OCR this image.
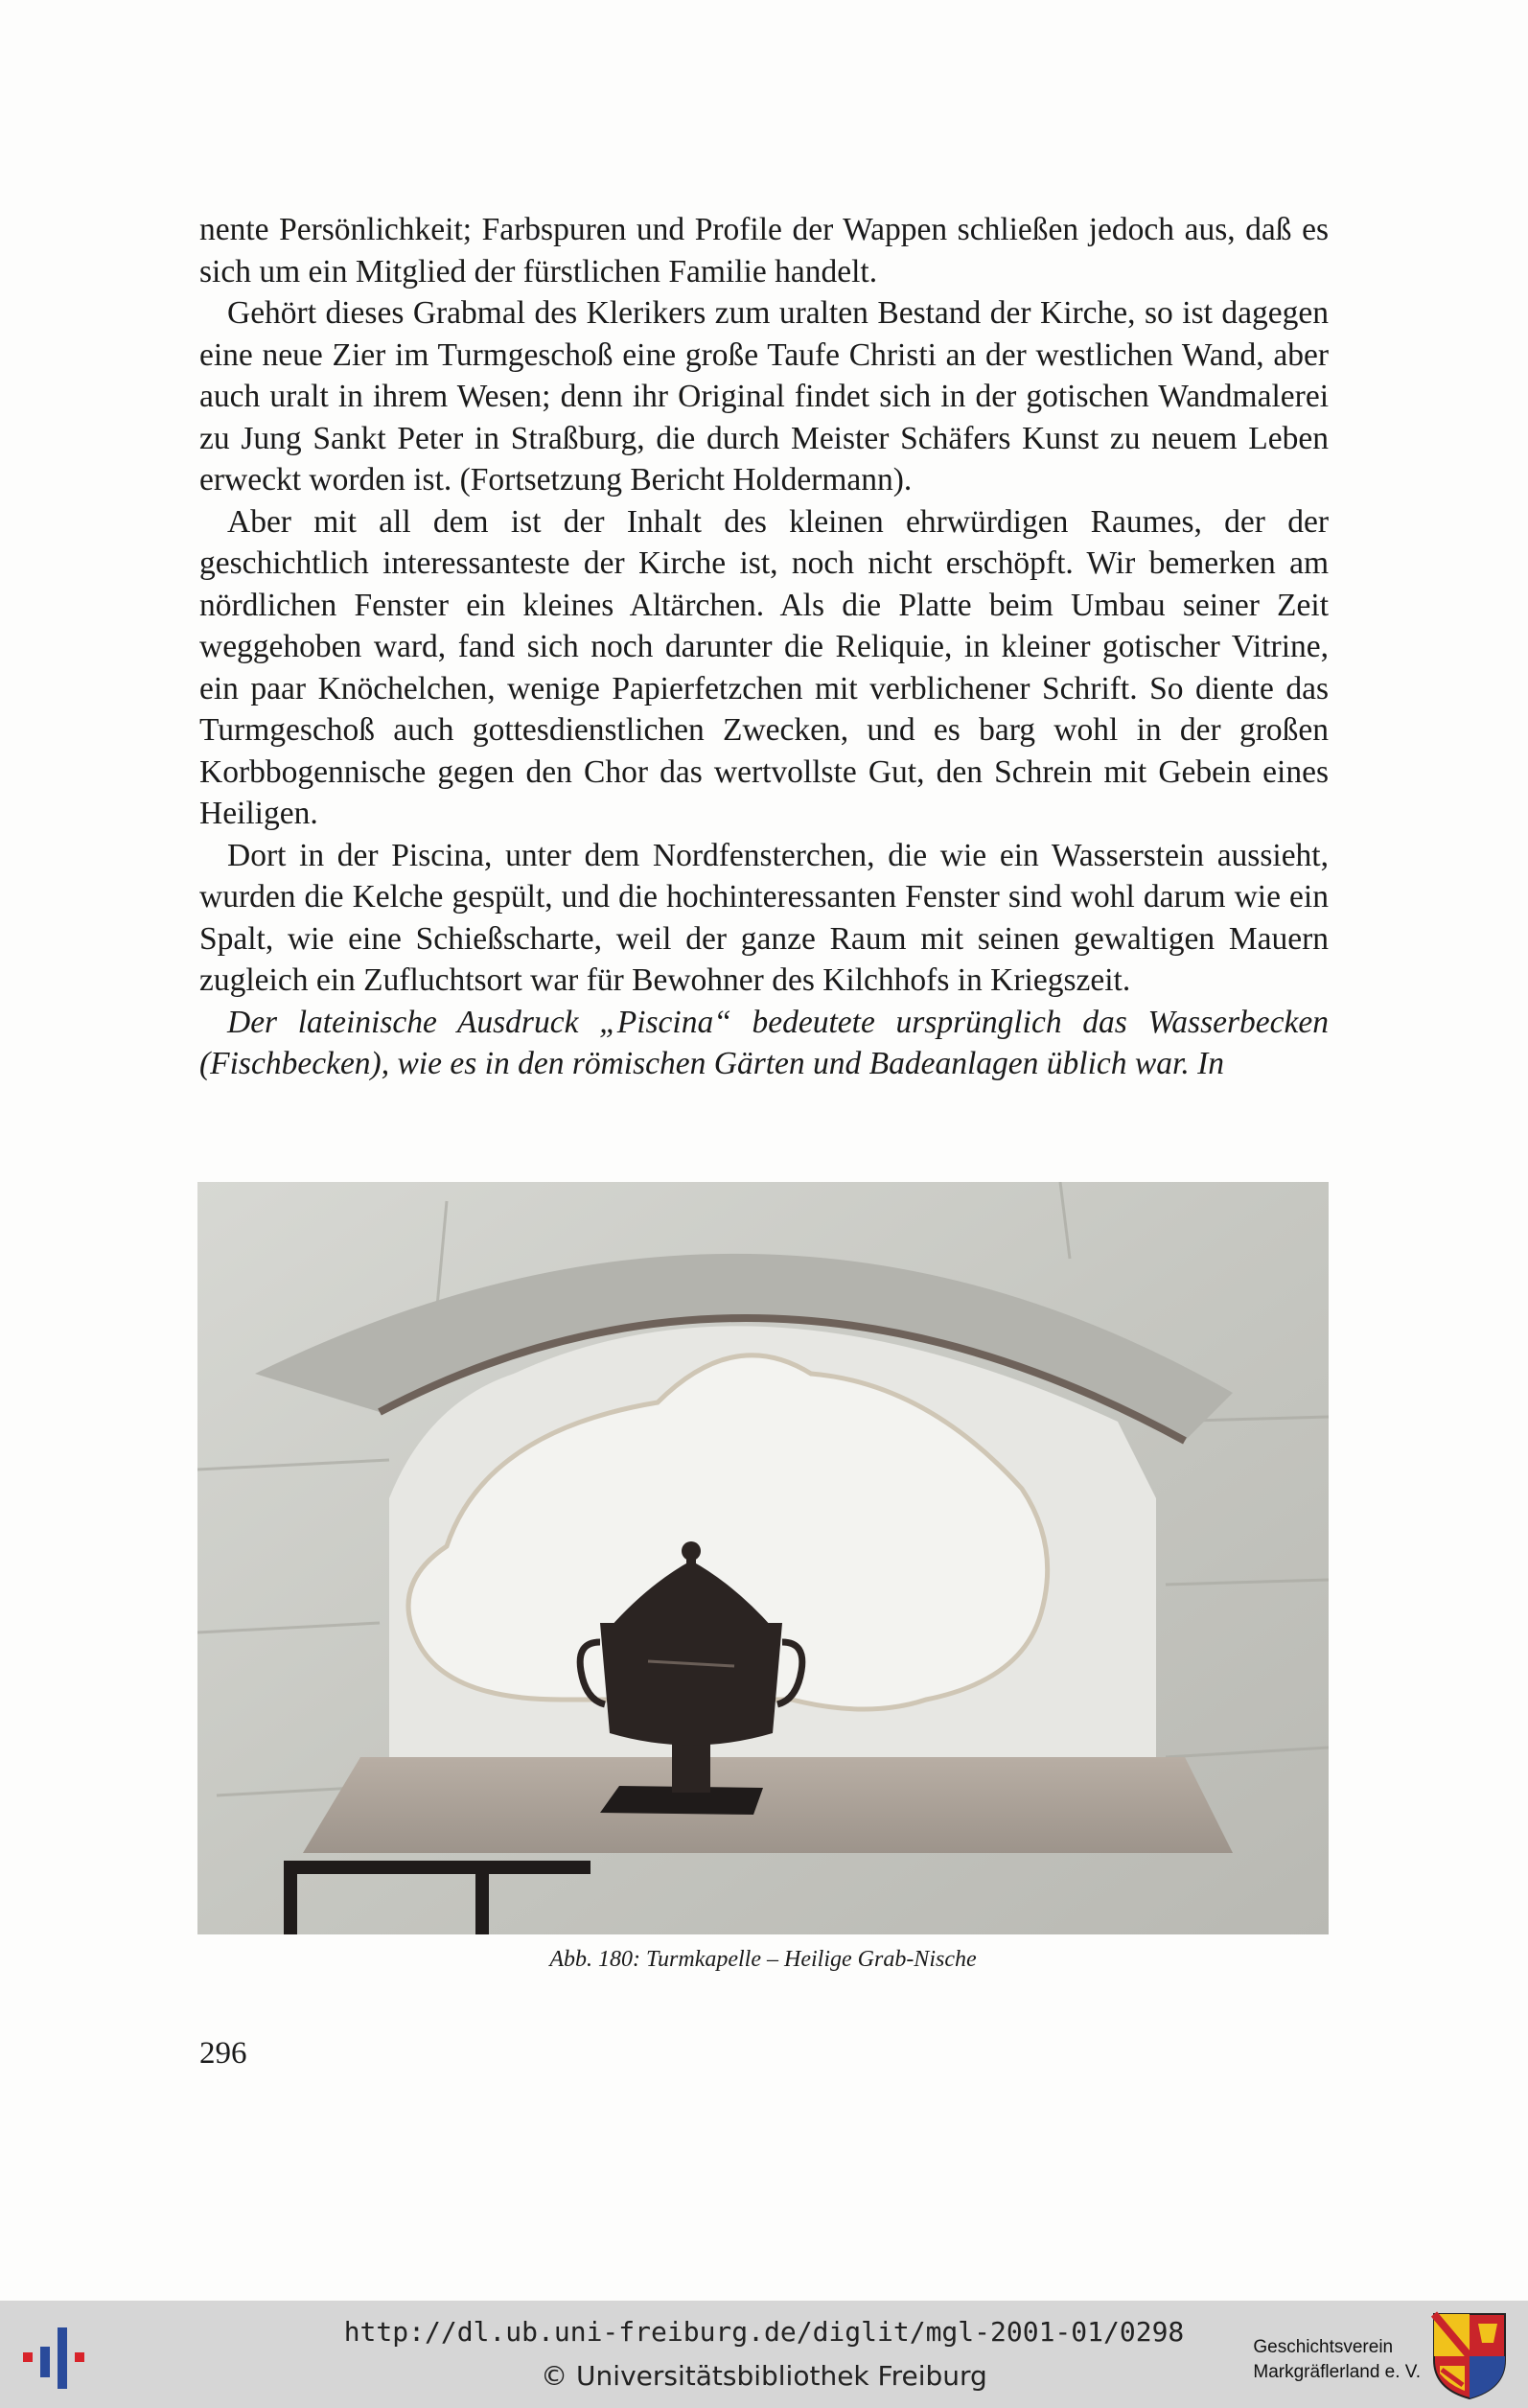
nente Persönlichkeit; Farbspuren und Profile der Wappen schließen jedoch aus, daß es sich um ein Mitglied der fürstlichen Familie handelt.

Gehört dieses Grabmal des Klerikers zum uralten Bestand der Kirche, so ist dagegen eine neue Zier im Turmgeschoß eine große Taufe Christi an der westlichen Wand, aber auch uralt in ihrem Wesen; denn ihr Original findet sich in der gotischen Wandmalerei zu Jung Sankt Peter in Straßburg, die durch Meister Schäfers Kunst zu neuem Leben erweckt worden ist. (Fortsetzung Bericht Holdermann).

Aber mit all dem ist der Inhalt des kleinen ehrwürdigen Raumes, der der geschichtlich interessanteste der Kirche ist, noch nicht erschöpft. Wir bemerken am nördlichen Fenster ein kleines Altärchen. Als die Platte beim Umbau seiner Zeit weggehoben ward, fand sich noch darunter die Reliquie, in kleiner gotischer Vitrine, ein paar Knöchelchen, wenige Papierfetzchen mit verblichener Schrift. So diente das Turmgeschoß auch gottesdienstlichen Zwecken, und es barg wohl in der großen Korbbogennische gegen den Chor das wertvollste Gut, den Schrein mit Gebein eines Heiligen.

Dort in der Piscina, unter dem Nordfensterchen, die wie ein Wasserstein aussieht, wurden die Kelche gespült, und die hochinteressanten Fenster sind wohl darum wie ein Spalt, wie eine Schießscharte, weil der ganze Raum mit seinen gewaltigen Mauern zugleich ein Zufluchtsort war für Bewohner des Kilchhofs in Kriegszeit.

Der lateinische Ausdruck „Piscina“ bedeutete ursprünglich das Wasserbecken (Fischbecken), wie es in den römischen Gärten und Badeanlagen üblich war. In

Abb. 180: Turmkapelle – Heilige Grab-Nische
296
http://dl.ub.uni-freiburg.de/diglit/mgl-2001-01/0298
© Universitätsbibliothek Freiburg
Geschichtsverein
Markgräflerland e. V.
